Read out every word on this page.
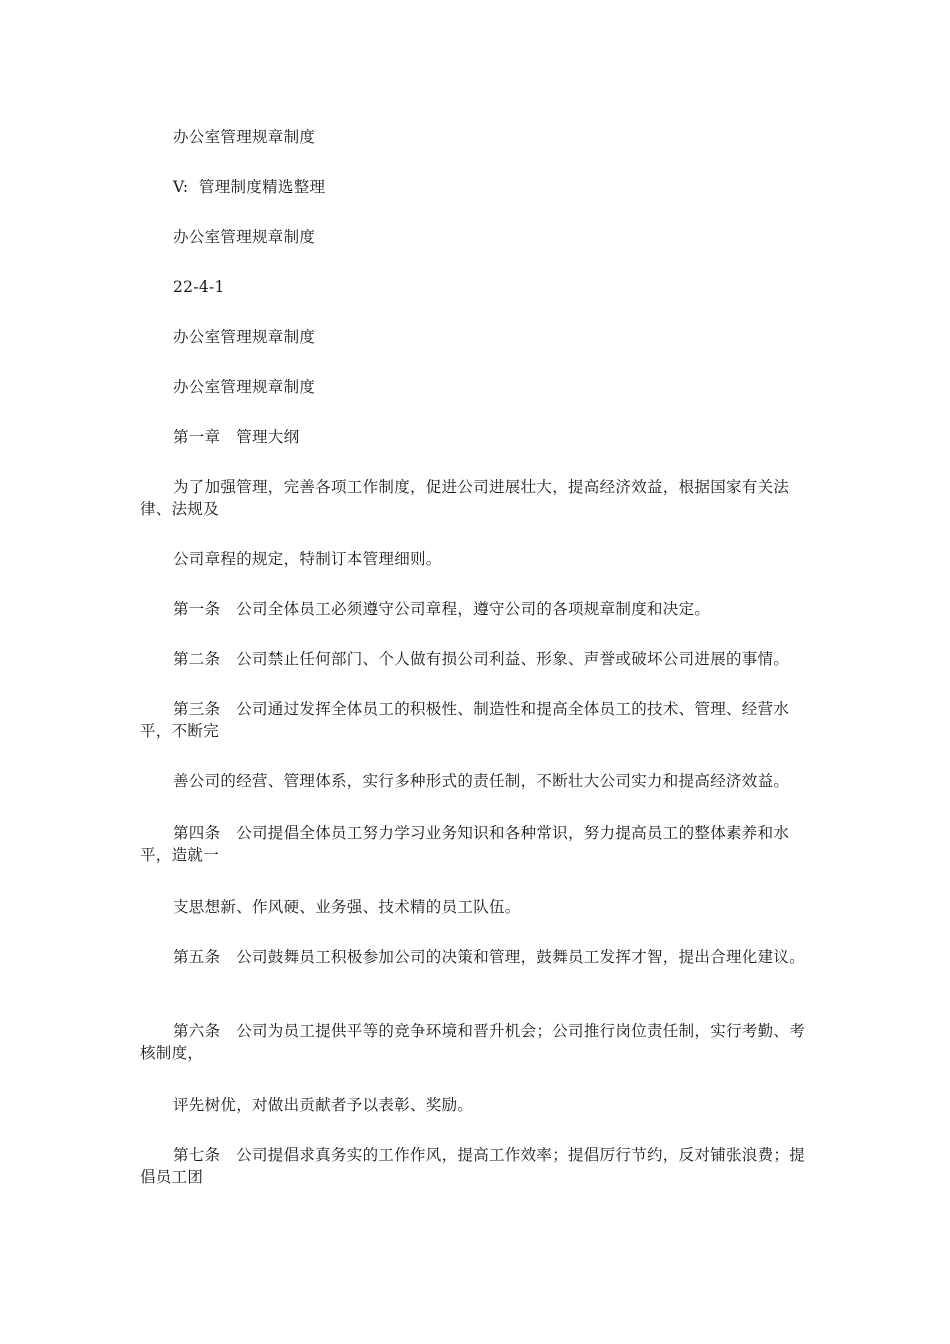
办公室管理规章制度

V:  管理制度精选整理

办公室管理规章制度

22-4-1

办公室管理规章制度

办公室管理规章制度

第一章　管理大纲

为了加强管理，完善各项工作制度，促进公司进展壮大，提高经济效益，根据国家有关法律、法规及

公司章程的规定，特制订本管理细则。

第一条　公司全体员工必须遵守公司章程，遵守公司的各项规章制度和决定。

第二条　公司禁止任何部门、个人做有损公司利益、形象、声誉或破坏公司进展的事情。

第三条　公司通过发挥全体员工的积极性、制造性和提高全体员工的技术、管理、经营水平，不断完

善公司的经营、管理体系，实行多种形式的责任制，不断壮大公司实力和提高经济效益。

第四条　公司提倡全体员工努力学习业务知识和各种常识，努力提高员工的整体素养和水平，造就一

支思想新、作风硬、业务强、技术精的员工队伍。

第五条　公司鼓舞员工积极参加公司的决策和管理，鼓舞员工发挥才智，提出合理化建议。

第六条　公司为员工提供平等的竞争环境和晋升机会；公司推行岗位责任制，实行考勤、考核制度，

评先树优，对做出贡献者予以表彰、奖励。

第七条　公司提倡求真务实的工作作风，提高工作效率；提倡厉行节约，反对铺张浪费；提倡员工团
